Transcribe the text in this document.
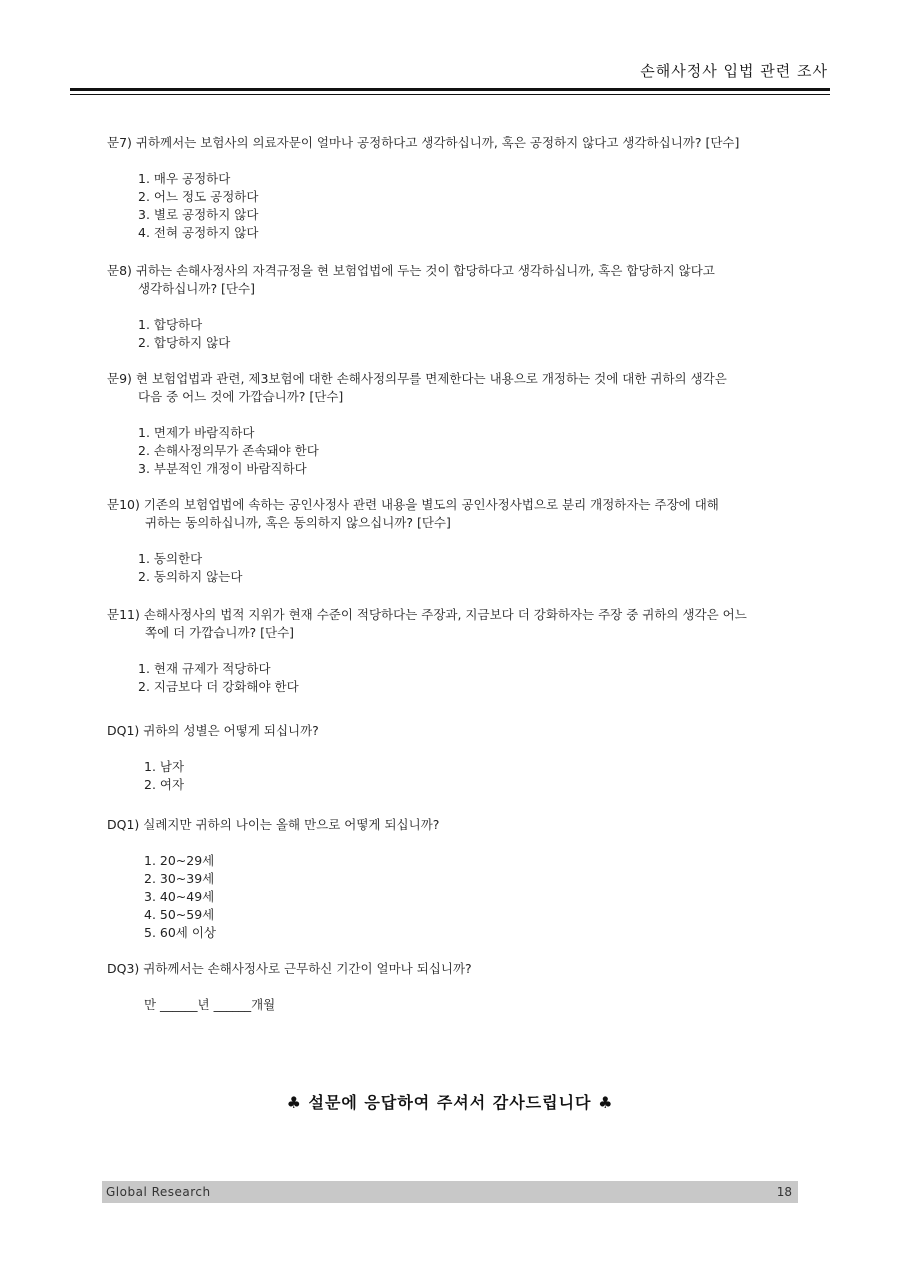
손해사정사 입법 관련 조사
문7) 귀하께서는 보험사의 의료자문이 얼마나 공정하다고 생각하십니까, 혹은 공정하지 않다고 생각하십니까? [단수]
1. 매우 공정하다
2. 어느 정도 공정하다
3. 별로 공정하지 않다
4. 전혀 공정하지 않다
문8) 귀하는 손해사정사의 자격규정을 현 보험업법에 두는 것이 합당하다고 생각하십니까, 혹은 합당하지 않다고
생각하십니까? [단수]
1. 합당하다
2. 합당하지 않다
문9) 현 보험업법과 관련, 제3보험에 대한 손해사정의무를 면제한다는 내용으로 개정하는 것에 대한 귀하의 생각은
다음 중 어느 것에 가깝습니까? [단수]
1. 면제가 바람직하다
2. 손해사정의무가 존속돼야 한다
3. 부분적인 개정이 바람직하다
문10) 기존의 보험업법에 속하는 공인사정사 관련 내용을 별도의 공인사정사법으로 분리 개정하자는 주장에 대해
귀하는 동의하십니까, 혹은 동의하지 않으십니까? [단수]
1. 동의한다
2. 동의하지 않는다
문11) 손해사정사의 법적 지위가 현재 수준이 적당하다는 주장과, 지금보다 더 강화하자는 주장 중 귀하의 생각은 어느
쪽에 더 가깝습니까? [단수]
1. 현재 규제가 적당하다
2. 지금보다 더 강화해야 한다
DQ1) 귀하의 성별은 어떻게 되십니까?
1. 남자
2. 여자
DQ1) 실례지만 귀하의 나이는 올해 만으로 어떻게 되십니까?
1. 20~29세
2. 30~39세
3. 40~49세
4. 50~59세
5. 60세 이상
DQ3) 귀하께서는 손해사정사로 근무하신 기간이 얼마나 되십니까?
만 ______년 ______개월
♣ 설문에 응답하여 주셔서 감사드립니다 ♣
Global Research	18
